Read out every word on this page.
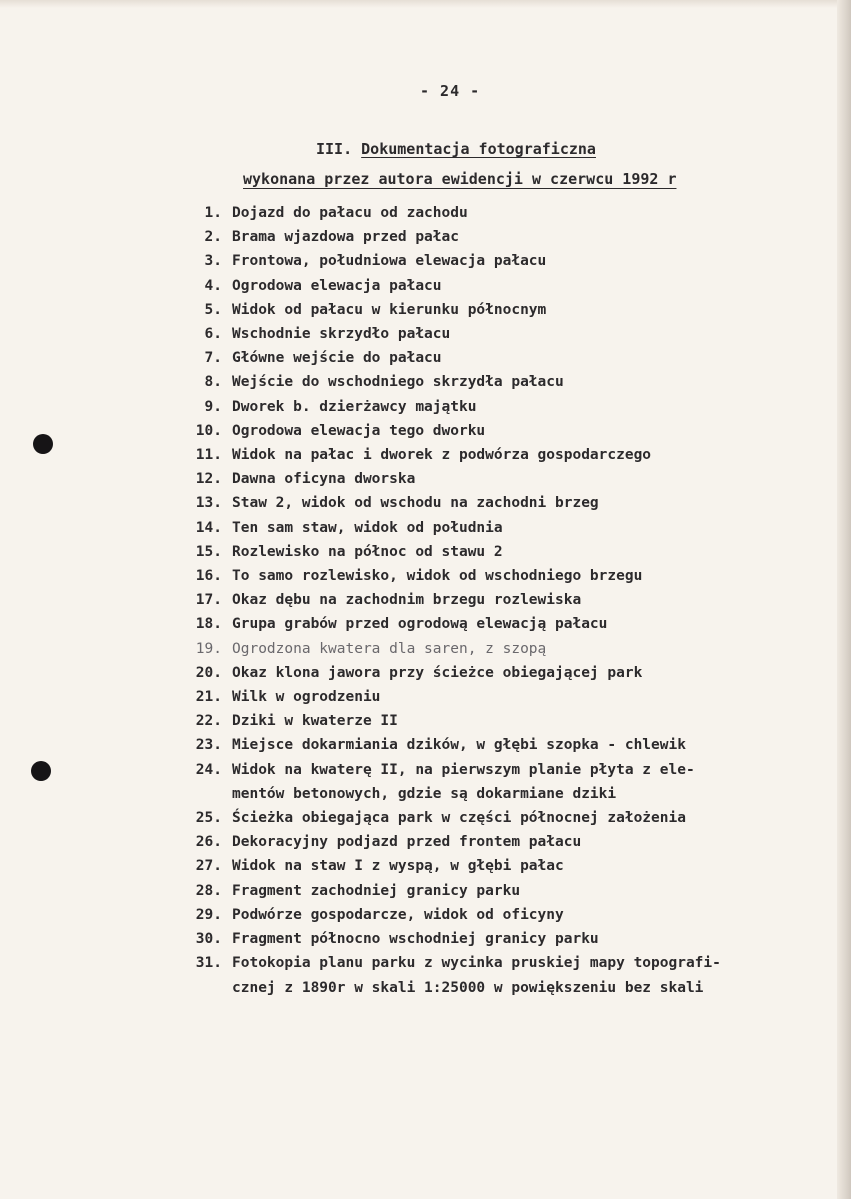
- 24 -
III. Dokumentacja fotograficzna
wykonana przez autora ewidencji w czerwcu 1992 r
1. Dojazd do pałacu od zachodu
2. Brama wjazdowa przed pałac
3. Frontowa, południowa elewacja pałacu
4. Ogrodowa elewacja pałacu
5. Widok od pałacu w kierunku północnym
6. Wschodnie skrzydło pałacu
7. Główne wejście do pałacu
8. Wejście do wschodniego skrzydła pałacu
9. Dworek b. dzierżawcy majątku
10. Ogrodowa elewacja tego dworku
11. Widok na pałac i dworek z podwórza gospodarczego
12. Dawna oficyna dworska
13. Staw 2, widok od wschodu na zachodni brzeg
14. Ten sam staw, widok od południa
15. Rozlewisko na północ od stawu 2
16. To samo rozlewisko, widok od wschodniego brzegu
17. Okaz dębu na zachodnim brzegu rozlewiska
18. Grupa grabów przed ogrodową elewacją pałacu
19. Ogrodzona kwatera dla saren, z szopą
20. Okaz klona jawora przy ścieżce obiegającej park
21. Wilk w ogrodzeniu
22. Dziki w kwaterze II
23. Miejsce dokarmiania dzików, w głębi szopka - chlewik
24. Widok na kwaterę II, na pierwszym planie płyta z ele-
mentów betonowych, gdzie są dokarmiane dziki
25. Ścieżka obiegająca park w części północnej założenia
26. Dekoracyjny podjazd przed frontem pałacu
27. Widok na staw I z wyspą, w głębi pałac
28. Fragment zachodniej granicy parku
29. Podwórze gospodarcze, widok od oficyny
30. Fragment północno wschodniej granicy parku
31. Fotokopia planu parku z wycinka pruskiej mapy topografi-
cznej z 1890r w skali 1:25000 w powiększeniu bez skali
